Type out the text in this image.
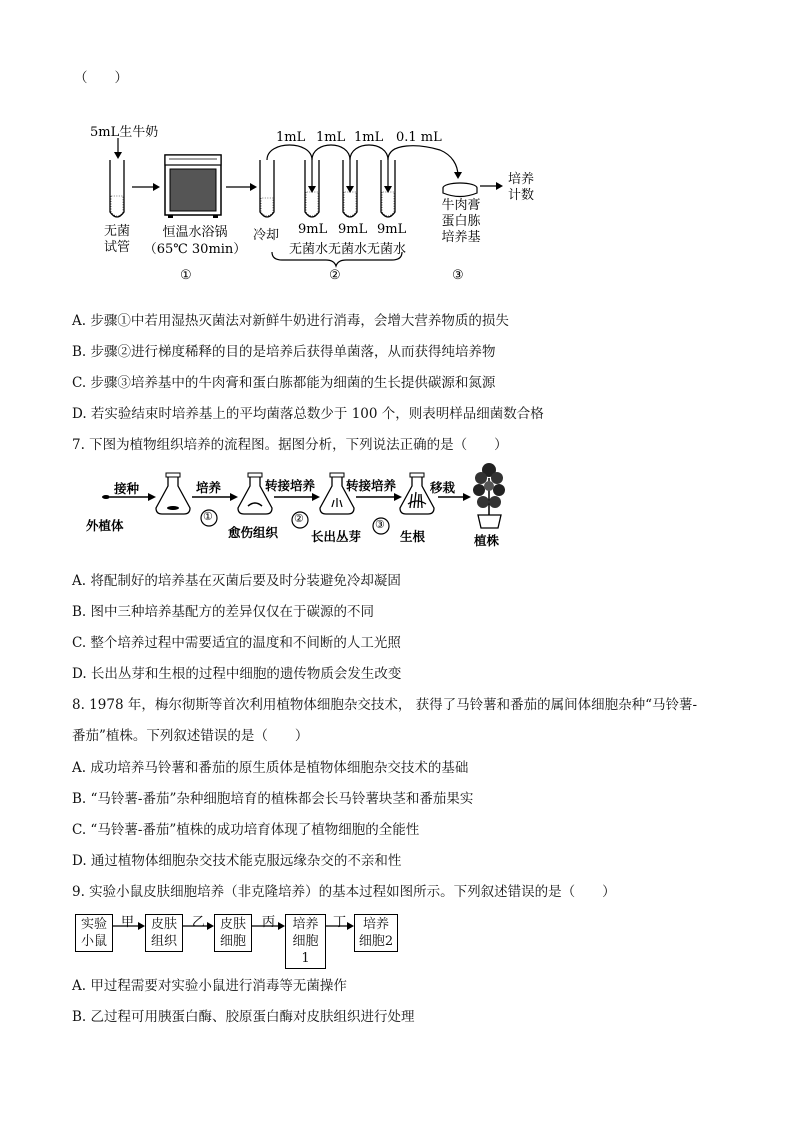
（　　）
5mL生牛奶
无菌
试管
恒温水浴锅
（65℃ 30min）
冷却
1mL 1mL 1mL 0.1 mL
9mL 9mL 9mL
无菌水无菌水无菌水
牛肉膏
蛋白胨
培养基
培养
计数
①	②	③
A. 步骤①中若用湿热灭菌法对新鲜牛奶进行消毒，会增大营养物质的损失
B. 步骤②进行梯度稀释的目的是培养后获得单菌落，从而获得纯培养物
C. 步骤③培养基中的牛肉膏和蛋白胨都能为细菌的生长提供碳源和氮源
D. 若实验结束时培养基上的平均菌落总数少于 100 个，则表明样品细菌数合格
7. 下图为植物组织培养的流程图。据图分析，下列说法正确的是（　　）
接种	培养	转接培养 转接培养	移栽
外植体
①
愈伤组织
②
长出丛芽
③
生根	植株
A. 将配制好的培养基在灭菌后要及时分装避免冷却凝固
B. 图中三种培养基配方的差异仅仅在于碳源的不同
C. 整个培养过程中需要适宜的温度和不间断的人工光照
D. 长出丛芽和生根的过程中细胞的遗传物质会发生改变
8. 1978 年，梅尔彻斯等首次利用植物体细胞杂交技术， 获得了马铃薯和番茄的属间体细胞杂种“马铃薯-
番茄”植株。下列叙述错误的是（　　）
A. 成功培养马铃薯和番茄的原生质体是植物体细胞杂交技术的基础
B. “马铃薯-番茄”杂种细胞培育的植株都会长马铃薯块茎和番茄果实
C. “马铃薯-番茄”植株的成功培育体现了植物细胞的全能性
D. 通过植物体细胞杂交技术能克服远缘杂交的不亲和性
9. 实验小鼠皮肤细胞培养（非克隆培养）的基本过程如图所示。下列叙述错误的是（　　）
实验
小鼠
皮肤
组织
皮肤
细胞
培养
细胞1
培养
细胞2
甲	乙	丙	丁
A. 甲过程需要对实验小鼠进行消毒等无菌操作
B. 乙过程可用胰蛋白酶、胶原蛋白酶对皮肤组织进行处理
